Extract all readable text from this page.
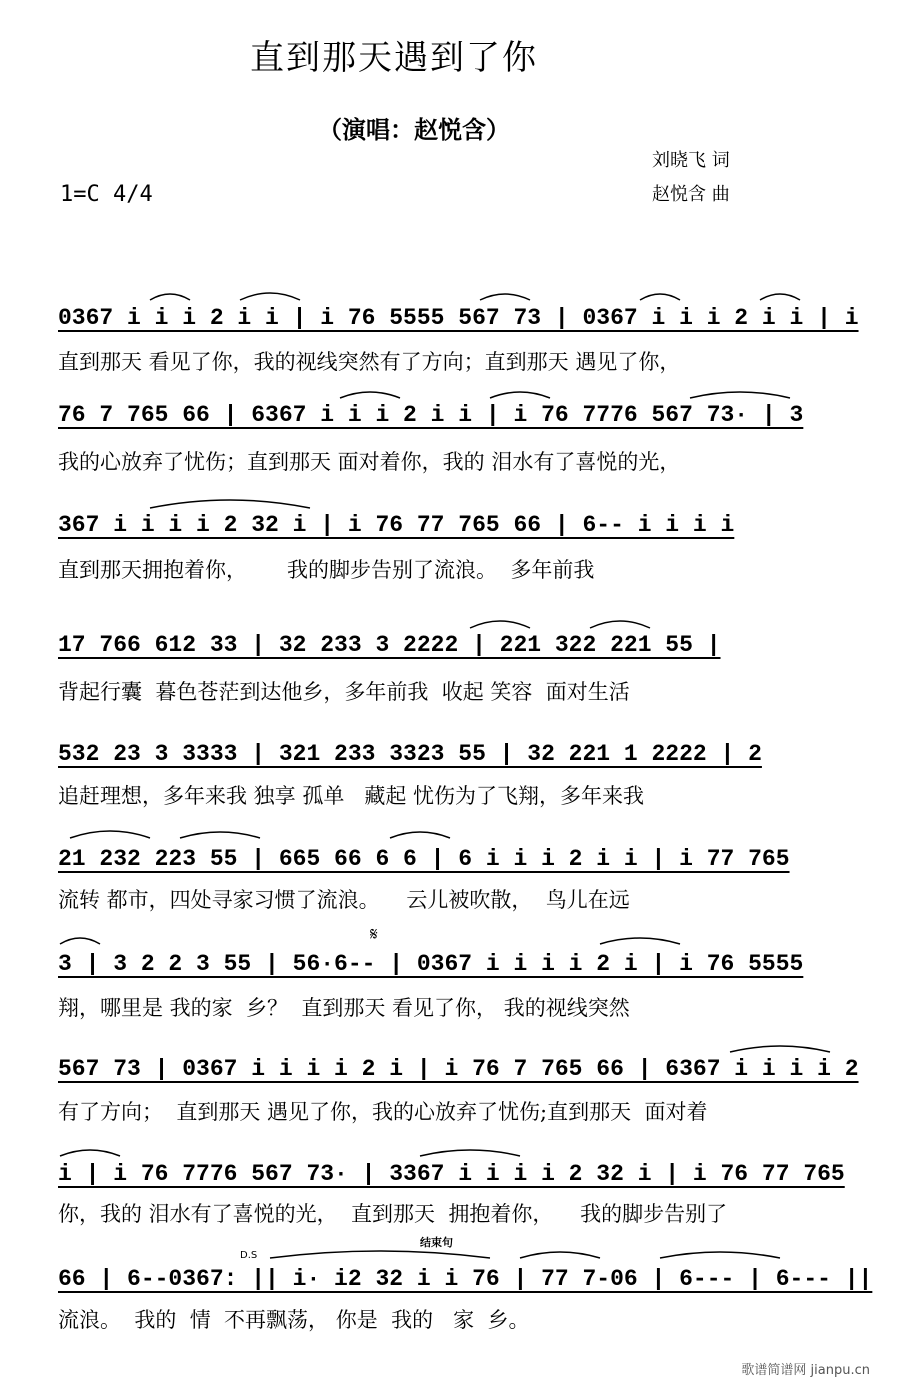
直到那天遇到了你
（演唱：赵悦含）
刘晓飞 词
赵悦含 曲
1=C 4/4
0367 i i i 2 i i | i 76 5555 567 73 | 0367 i i i 2 i i | i
直到那天 看见了你，我的视线突然有了方向；直到那天 遇见了你，
76 7 765 66 | 6367 i i i 2 i i | i 76 7776 567 73· | 3
我的心放弃了忧伤；直到那天 面对着你，我的 泪水有了喜悦的光，
367 i i i i 2 32 i | i 76 77 765 66 | 6-- i i i i
直到那天拥抱着你，      我的脚步告别了流浪。  多年前我
17 766 612 33 | 32 233 3 2222 | 221 322 221 55 |
背起行囊  暮色苍茫到达他乡，多年前我  收起 笑容  面对生活
532 23 3 3333 | 321 233 3323 55 | 32 221 1 2222 | 2
追赶理想，多年来我 独享 孤单   藏起 忧伤为了飞翔，多年来我
21 232 223 55 | 665 66 6 6 | 6 i i i 2 i i | i 77 765
流转 都市，四处寻家习惯了流浪。    云儿被吹散，  鸟儿在远
𝄋
3 | 3 2 2 3 55 | 56·6-- | 0367 i i i i 2 i | i 76 5555
翔，哪里是 我的家  乡？  直到那天 看见了你， 我的视线突然
567 73 | 0367 i i i i 2 i | i 76 7 765 66 | 6367 i i i i 2
有了方向；  直到那天 遇见了你，我的心放弃了忧伤;直到那天  面对着
i | i 76 7776 567 73· | 3367 i i i i 2 32 i | i 76 77 765
你，我的 泪水有了喜悦的光，  直到那天  拥抱着你，    我的脚步告别了
结束句
D.S
66 | 6--0367: || i· i2 32 i i 76 | 77 7-06 | 6--- | 6--- ||
流浪。  我的  情  不再飘荡， 你是  我的   家  乡。
歌谱简谱网 jianpu.cn
